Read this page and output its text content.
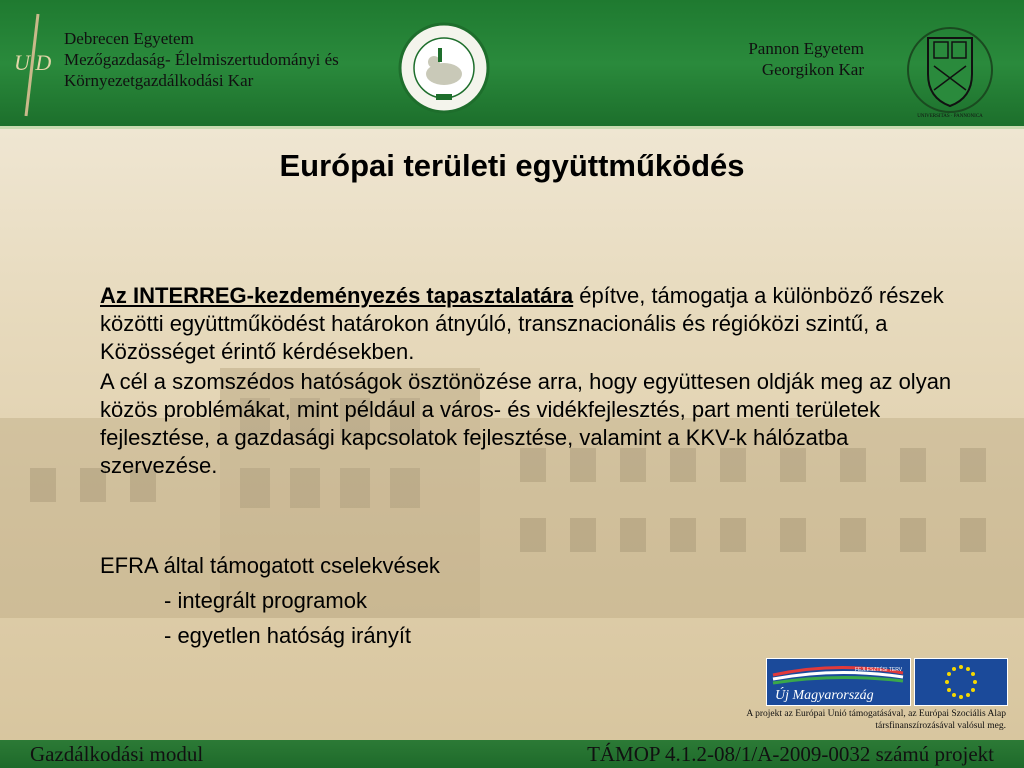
U D
Debrecen Egyetem
Mezőgazdaság- Élelmiszertudományi és
Környezetgazdálkodási Kar
Pannon Egyetem
Georgikon Kar
UNIVERSITAS · PANNONICA
Európai területi együttműködés

Az INTERREG-kezdeményezés tapasztalatára építve, támogatja a különböző részek közötti együttműködést határokon átnyúló, transznacionális és régióközi szintű, a Közösséget érintő kérdésekben.

A cél a szomszédos hatóságok ösztönözése arra, hogy együttesen oldják meg az olyan közös problémákat, mint például a város- és vidékfejlesztés, part menti területek fejlesztése, a gazdasági kapcsolatok fejlesztése, valamint a KKV-k hálózatba szervezése.

EFRA által támogatott cselekvések
- integrált programok
- egyetlen hatóság irányít
Új Magyarország
FEJLESZTÉSI TERV
A projekt az Európai Unió támogatásával, az Európai Szociális Alap társfinanszírozásával valósul meg.
Gazdálkodási modul	TÁMOP 4.1.2-08/1/A-2009-0032 számú projekt
